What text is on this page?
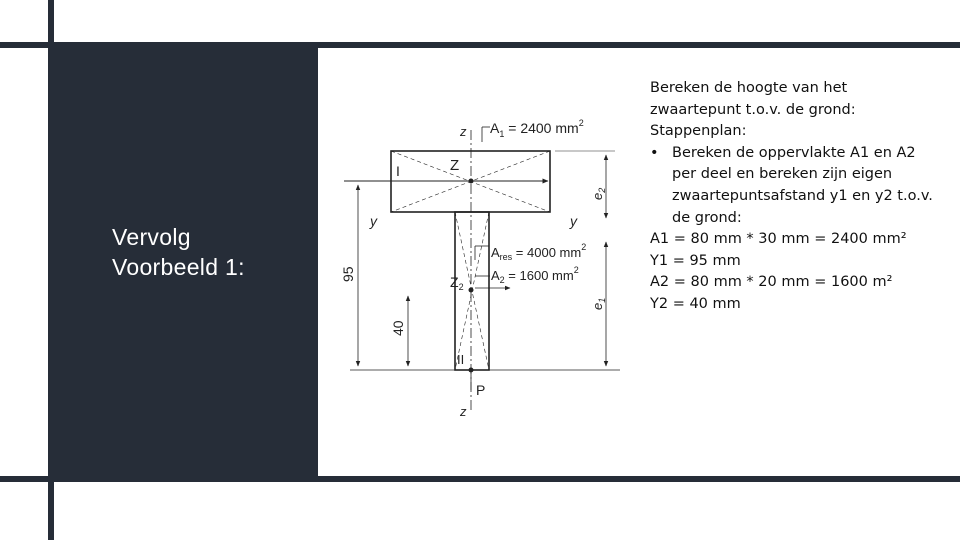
Vervolg
Voorbeeld 1:
z $A_1 = 2400$ $mm^2$
Z
I
y	y
$e_2$
$A_{res} = 4000$ $mm^2$
$A_2 = 1600$ $mm^2$
$Z_2$
$e_1$
II
P
z
95
40
Bereken de hoogte van het
zwaartepunt t.o.v. de grond:
Stappenplan:
• Bereken de oppervlakte A1 en A2
per deel en bereken zijn eigen
zwaartepuntsafstand y1 en y2 t.o.v.
de grond:
A1 = 80 mm * 30 mm = 2400 mm²
Y1 = 95 mm
A2 = 80 mm * 20 mm = 1600 m²
Y2 = 40 mm
